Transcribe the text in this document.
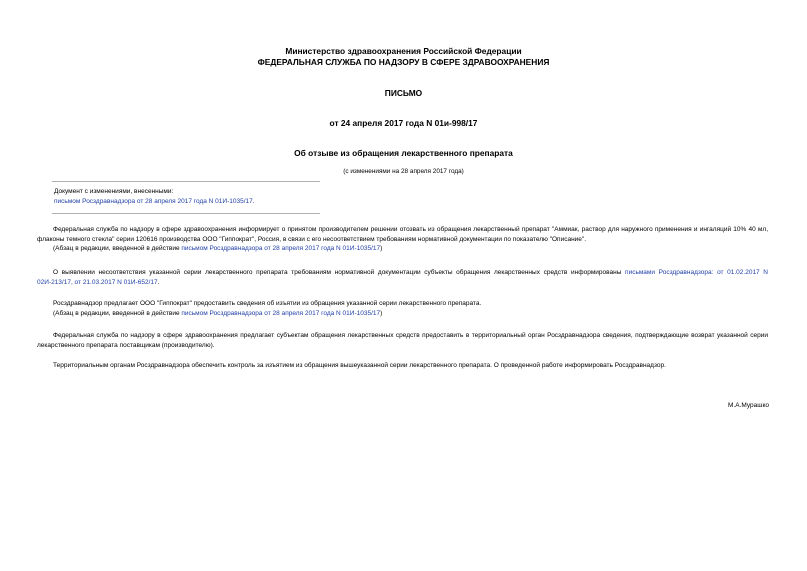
Министерство здравоохранения Российской Федерации
ФЕДЕРАЛЬНАЯ СЛУЖБА ПО НАДЗОРУ В СФЕРЕ ЗДРАВООХРАНЕНИЯ
ПИСЬМО
от 24 апреля 2017 года N 01и-998/17
Об отзыве из обращения лекарственного препарата
(с изменениями на 28 апреля 2017 года)
Документ с изменениями, внесенными:
письмом Росздравнадзора от 28 апреля 2017 года N 01И-1035/17.

Федеральная служба по надзору в сфере здравоохранения информирует о принятом производителем решении отозвать из обращения лекарственный препарат "Аммиак, раствор для наружного применения и ингаляций 10% 40 мл, флаконы темного стекла" серии 120616 производства ООО "Гиппократ", Россия, в связи с его несоответствием требованиям нормативной документации по показателю "Описание".

(Абзац в редакции, введенной в действие письмом Росздравнадзора от 28 апреля 2017 года N 01И-1035/17)

О выявлении несоответствия указанной серии лекарственного препарата требованиям нормативной документации субъекты обращения лекарственных средств информированы письмами Росздравнадзора: от 01.02.2017 N 02И-213/17, от 21.03.2017 N 01И-652/17.

Росздравнадзор предлагает ООО "Гиппократ" предоставить сведения об изъятии из обращения указанной серии лекарственного препарата.

(Абзац в редакции, введенной в действие письмом Росздравнадзора от 28 апреля 2017 года N 01И-1035/17)

Федеральная служба по надзору в сфере здравоохранения предлагает субъектам обращения лекарственных средств предоставить в территориальный орган Росздравнадзора сведения, подтверждающие возврат указанной серии лекарственного препарата поставщикам (производителю).

Территориальным органам Росздравнадзора обеспечить контроль за изъятием из обращения вышеуказанной серии лекарственного препарата. О проведенной работе информировать Росздравнадзор.

М.А.Мурашко
